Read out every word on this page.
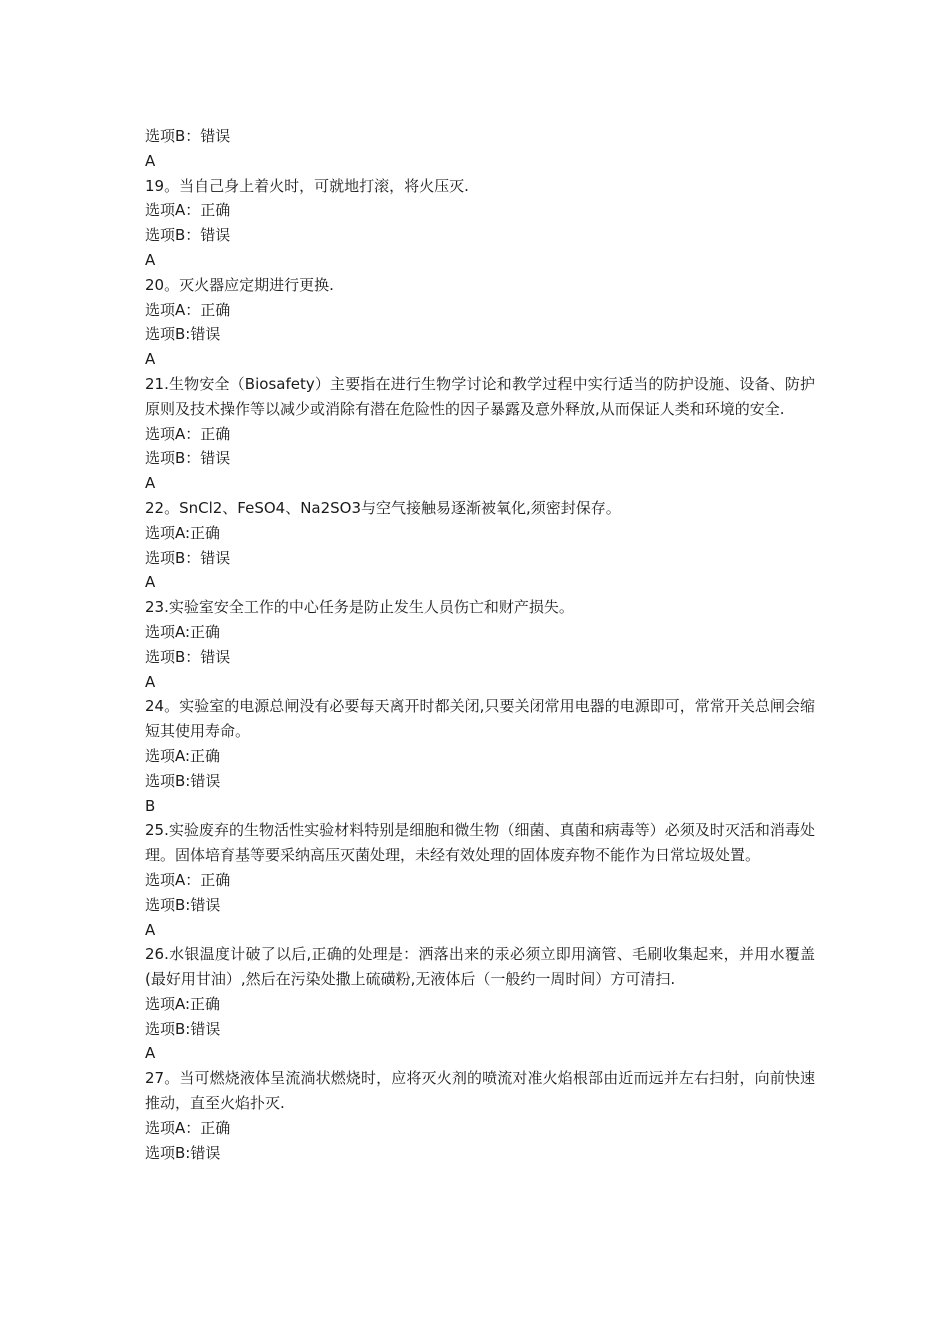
选项B：错误
A
19。当自己身上着火时，可就地打滚，将火压灭.
选项A：正确
选项B：错误
A
20。灭火器应定期进行更换.
选项A：正确
选项B:错误
A
21.生物安全（Biosafety）主要指在进行生物学讨论和教学过程中实行适当的防护设施、设备、防护原则及技术操作等以减少或消除有潜在危险性的因子暴露及意外释放,从而保证人类和环境的安全.
选项A：正确
选项B：错误
A
22。SnCl2、FeSO4、Na2SO3与空气接触易逐渐被氧化,须密封保存。
选项A:正确
选项B：错误
A
23.实验室安全工作的中心任务是防止发生人员伤亡和财产损失。
选项A:正确
选项B：错误
A
24。实验室的电源总闸没有必要每天离开时都关闭,只要关闭常用电器的电源即可，常常开关总闸会缩短其使用寿命。
选项A:正确
选项B:错误
B
25.实验废弃的生物活性实验材料特别是细胞和微生物（细菌、真菌和病毒等）必须及时灭活和消毒处理。固体培育基等要采纳高压灭菌处理，未经有效处理的固体废弃物不能作为日常垃圾处置。
选项A：正确
选项B:错误
A
26.水银温度计破了以后,正确的处理是：洒落出来的汞必须立即用滴管、毛刷收集起来，并用水覆盖(最好用甘油）,然后在污染处撒上硫磺粉,无液体后（一般约一周时间）方可清扫.
选项A:正确
选项B:错误
A
27。当可燃烧液体呈流淌状燃烧时，应将灭火剂的喷流对准火焰根部由近而远并左右扫射，向前快速推动，直至火焰扑灭.
选项A：正确
选项B:错误
